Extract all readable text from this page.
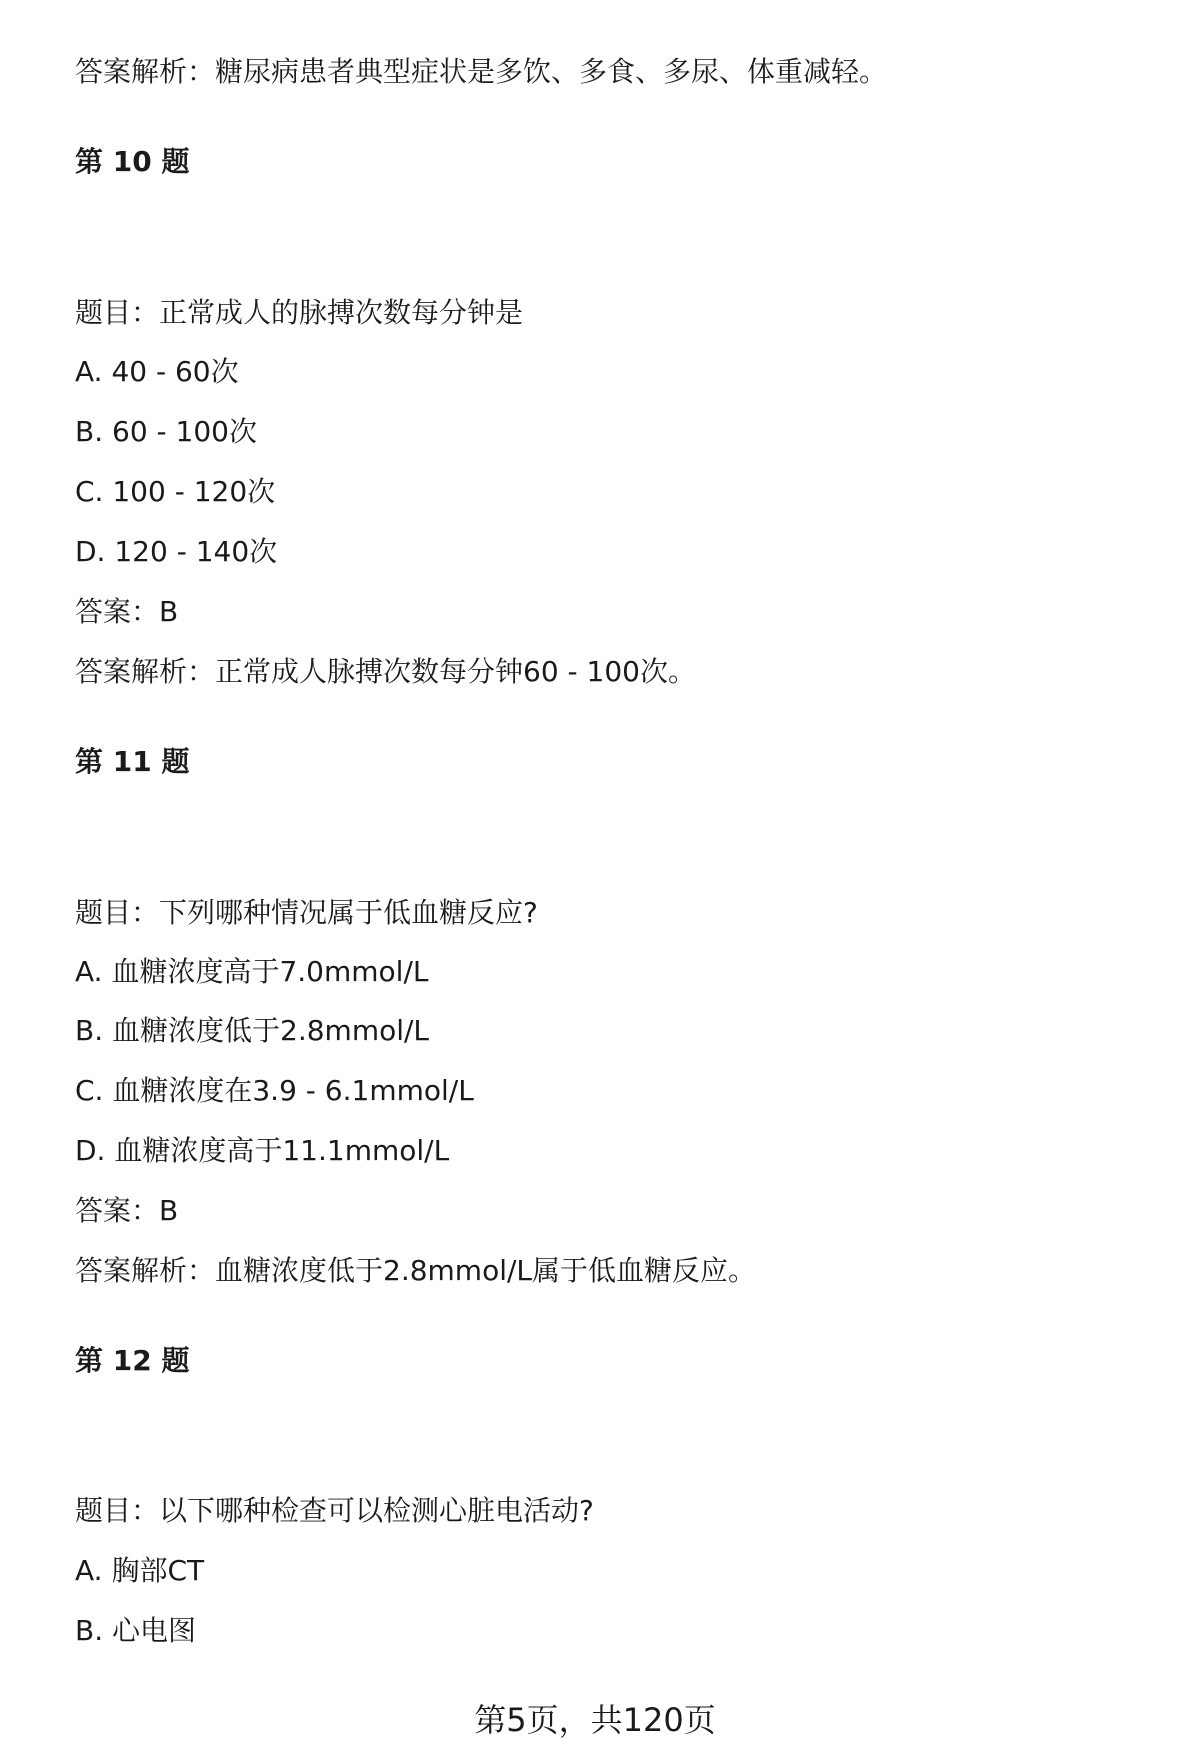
答案解析：糖尿病患者典型症状是多饮、多食、多尿、体重减轻。
第 10 题
题目：正常成人的脉搏次数每分钟是
A. 40 - 60次
B. 60 - 100次
C. 100 - 120次
D. 120 - 140次
答案：B
答案解析：正常成人脉搏次数每分钟60 - 100次。
第 11 题
题目：下列哪种情况属于低血糖反应?
A. 血糖浓度高于7.0mmol/L
B. 血糖浓度低于2.8mmol/L
C. 血糖浓度在3.9 - 6.1mmol/L
D. 血糖浓度高于11.1mmol/L
答案：B
答案解析：血糖浓度低于2.8mmol/L属于低血糖反应。
第 12 题
题目：以下哪种检查可以检测心脏电活动?
A. 胸部CT
B. 心电图
第5页，共120页
